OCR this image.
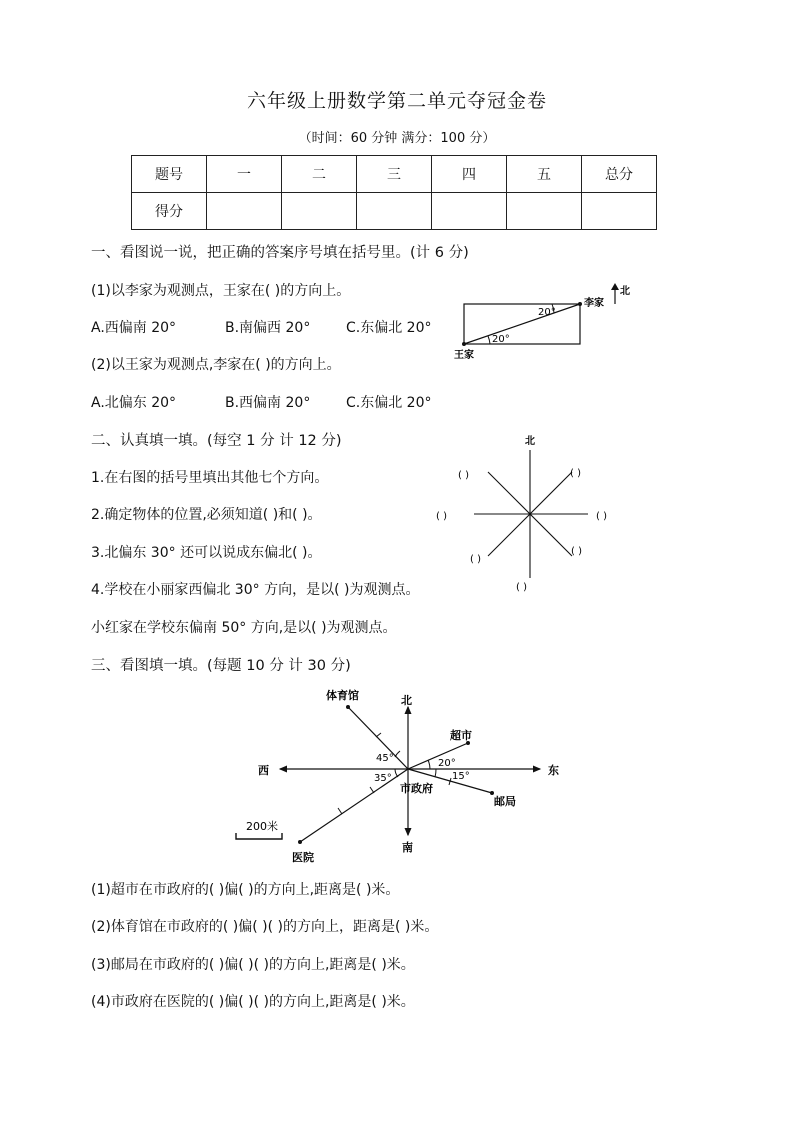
六年级上册数学第二单元夺冠金卷
（时间：60 分钟 满分：100 分）
题号	一	二	三	四	五	总分
得分						
一、看图说一说，把正确的答案序号填在括号里。(计 6 分)
(1)以李家为观测点，王家在( )的方向上。
A.西偏南 20°	B.南偏西 20°	C.东偏北 20°
(2)以王家为观测点,李家在( )的方向上。
A.北偏东 20°	B.西偏南 20°	C.东偏北 20°
20°
20°
李家
王家
北
二、认真填一填。(每空 1 分 计 12 分)
1.在右图的括号里填出其他七个方向。
2.确定物体的位置,必须知道( )和( )。
3.北偏东 30° 还可以说成东偏北( )。
4.学校在小丽家西偏北 30° 方向，是以( )为观测点。
小红家在学校东偏南 50° 方向,是以( )为观测点。
北
( )	( )
( )	( )
( )
( )
( )
三、看图填一填。(每题 10 分 计 30 分)
北
南
东
西
体育馆
超市
邮局
医院
市政府
45°
35°
20°
15°
200米
(1)超市在市政府的( )偏( )的方向上,距离是( )米。
(2)体育馆在市政府的( )偏( )( )的方向上，距离是( )米。
(3)邮局在市政府的( )偏( )( )的方向上,距离是( )米。
(4)市政府在医院的( )偏( )( )的方向上,距离是( )米。
